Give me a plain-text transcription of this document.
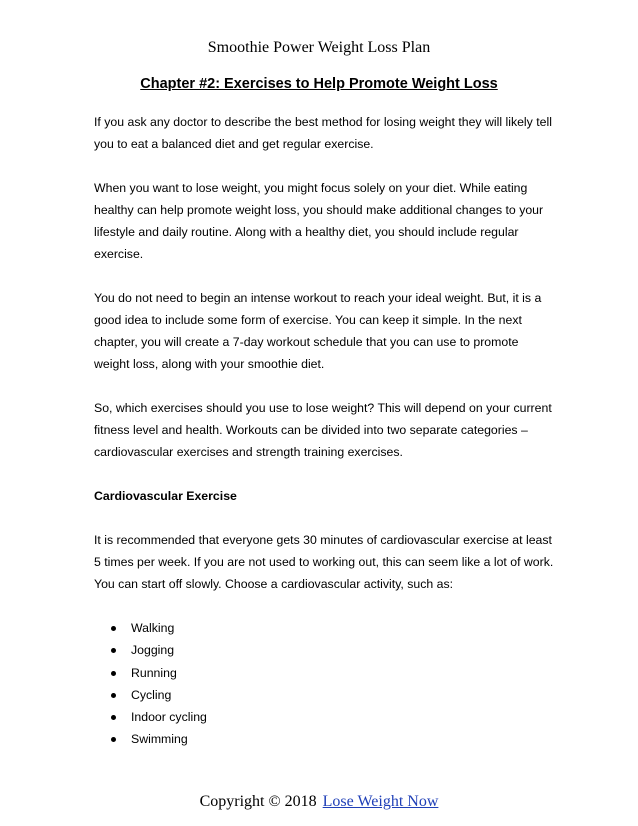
Smoothie Power Weight Loss Plan
Chapter #2: Exercises to Help Promote Weight Loss

If you ask any doctor to describe the best method for losing weight they will likely tell you to eat a balanced diet and get regular exercise.

When you want to lose weight, you might focus solely on your diet. While eating healthy can help promote weight loss, you should make additional changes to your lifestyle and daily routine. Along with a healthy diet, you should include regular exercise.

You do not need to begin an intense workout to reach your ideal weight. But, it is a good idea to include some form of exercise. You can keep it simple. In the next chapter, you will create a 7-day workout schedule that you can use to promote weight loss, along with your smoothie diet.

So, which exercises should you use to lose weight? This will depend on your current fitness level and health. Workouts can be divided into two separate categories – cardiovascular exercises and strength training exercises.

Cardiovascular Exercise

It is recommended that everyone gets 30 minutes of cardiovascular exercise at least 5 times per week. If you are not used to working out, this can seem like a lot of work. You can start off slowly. Choose a cardiovascular activity, such as:

Walking
Jogging
Running
Cycling
Indoor cycling
Swimming
Copyright © 2018 Lose Weight Now
